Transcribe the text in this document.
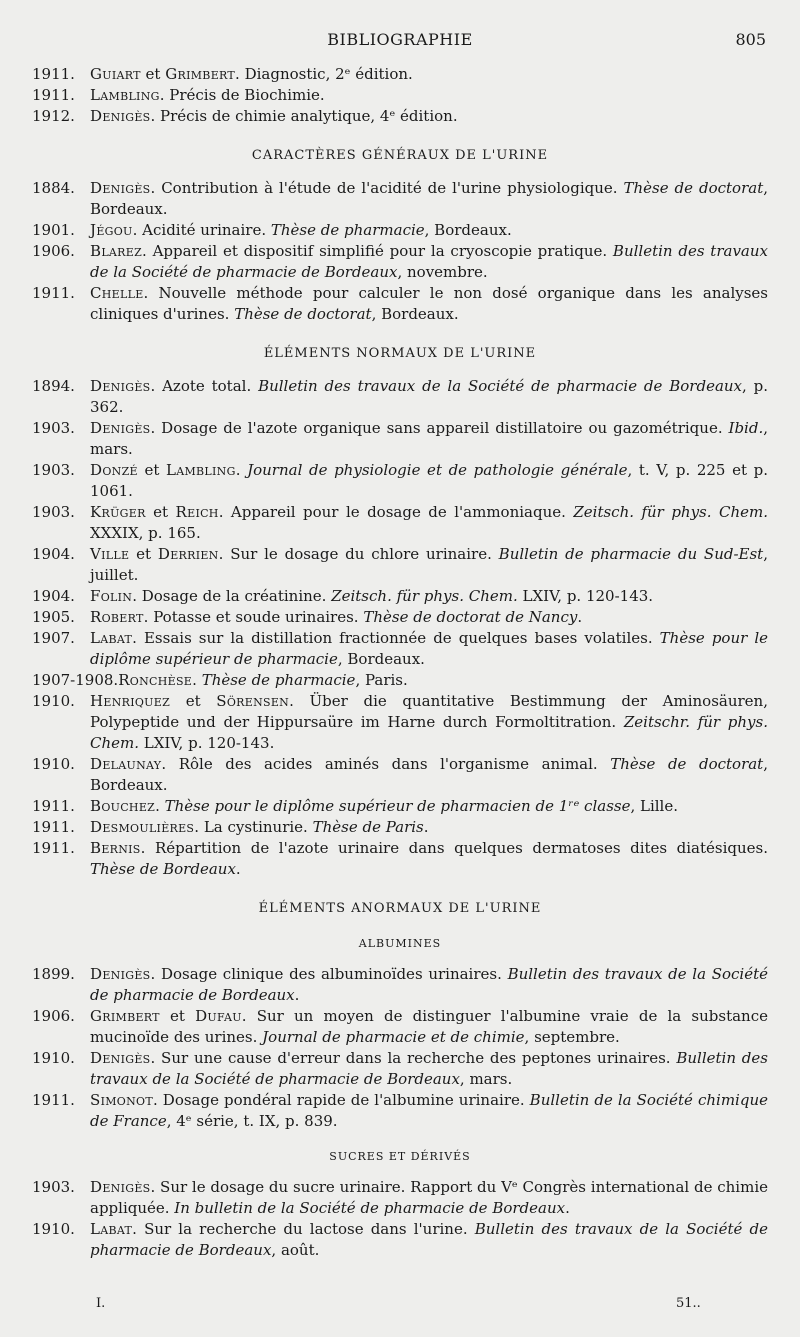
BIBLIOGRAPHIE	805
1911.	Guiart et Grimbert. Diagnostic, 2ᵉ édition.
1911.	Lambling. Précis de Biochimie.
1912.	Denigès. Précis de chimie analytique, 4ᵉ édition.
CARACTÈRES GÉNÉRAUX DE L'URINE
1884.	Denigès. Contribution à l'étude de l'acidité de l'urine physiologique. Thèse de doctorat, Bordeaux.
1901.	Jégou. Acidité urinaire. Thèse de pharmacie, Bordeaux.
1906.	Blarez. Appareil et dispositif simplifié pour la cryoscopie pratique. Bulletin des travaux de la Société de pharmacie de Bordeaux, novembre.
1911.	Chelle. Nouvelle méthode pour calculer le non dosé organique dans les analyses cliniques d'urines. Thèse de doctorat, Bordeaux.
ÉLÉMENTS NORMAUX DE L'URINE
1894.	Denigès. Azote total. Bulletin des travaux de la Société de pharmacie de Bordeaux, p. 362.
1903.	Denigès. Dosage de l'azote organique sans appareil distillatoire ou gazométrique. Ibid., mars.
1903.	Donzé et Lambling. Journal de physiologie et de pathologie générale, t. V, p. 225 et p. 1061.
1903.	Krüger et Reich. Appareil pour le dosage de l'ammoniaque. Zeitsch. für phys. Chem. XXXIX, p. 165.
1904.	Ville et Derrien. Sur le dosage du chlore urinaire. Bulletin de pharmacie du Sud-Est, juillet.
1904.	Folin. Dosage de la créatinine. Zeitsch. für phys. Chem. LXIV, p. 120-143.
1905.	Robert. Potasse et soude urinaires. Thèse de doctorat de Nancy.
1907.	Labat. Essais sur la distillation fractionnée de quelques bases volatiles. Thèse pour le diplôme supérieur de pharmacie, Bordeaux.
1907-1908. Ronchèse. Thèse de pharmacie, Paris.
1910.	Henriquez et Sörensen. Über die quantitative Bestimmung der Aminosäuren, Polypeptide und der Hippursaüre im Harne durch Formoltitration. Zeitschr. für phys. Chem. LXIV, p. 120-143.
1910.	Delaunay. Rôle des acides aminés dans l'organisme animal. Thèse de doctorat, Bordeaux.
1911.	Bouchez. Thèse pour le diplôme supérieur de pharmacien de 1ʳᵉ classe, Lille.
1911.	Desmoulières. La cystinurie. Thèse de Paris.
1911.	Bernis. Répartition de l'azote urinaire dans quelques dermatoses dites diatésiques. Thèse de Bordeaux.
ÉLÉMENTS ANORMAUX DE L'URINE
ALBUMINES
1899.	Denigès. Dosage clinique des albuminoïdes urinaires. Bulletin des travaux de la Société de pharmacie de Bordeaux.
1906.	Grimbert et Dufau. Sur un moyen de distinguer l'albumine vraie de la substance mucinoïde des urines. Journal de pharmacie et de chimie, septembre.
1910.	Denigès. Sur une cause d'erreur dans la recherche des peptones urinaires. Bulletin des travaux de la Société de pharmacie de Bordeaux, mars.
1911.	Simonot. Dosage pondéral rapide de l'albumine urinaire. Bulletin de la Société chimique de France, 4ᵉ série, t. IX, p. 839.
SUCRES ET DÉRIVÉS
1903.	Denigès. Sur le dosage du sucre urinaire. Rapport du Vᵉ Congrès international de chimie appliquée. In bulletin de la Société de pharmacie de Bordeaux.
1910.	Labat. Sur la recherche du lactose dans l'urine. Bulletin des travaux de la Société de pharmacie de Bordeaux, août.
I.	51..
